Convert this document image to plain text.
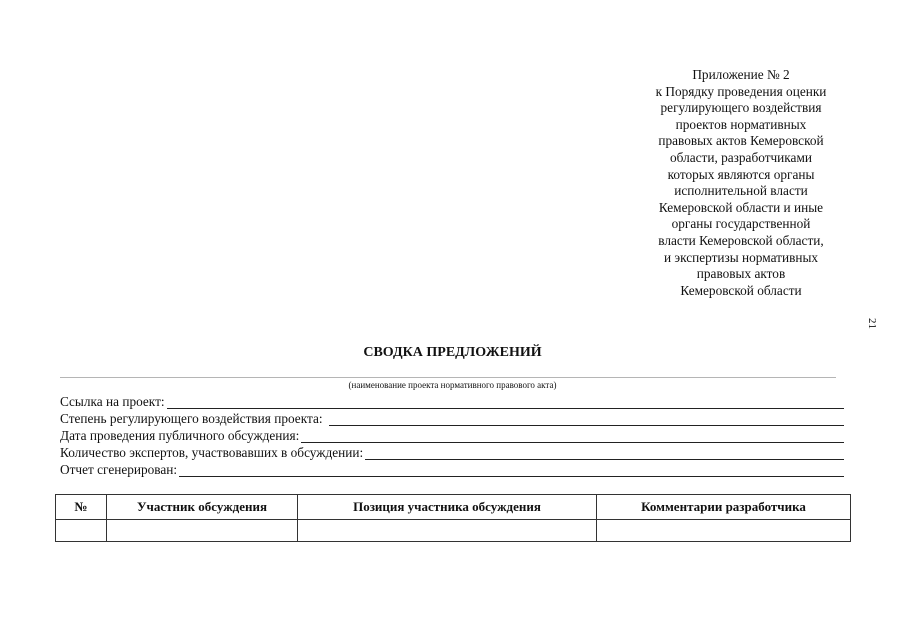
Приложение № 2
к Порядку проведения оценки
регулирующего воздействия
проектов нормативных
правовых актов Кемеровской
области, разработчиками
которых являются органы
исполнительной власти
Кемеровской области и иные
органы государственной
власти Кемеровской области,
и экспертизы нормативных
правовых актов
Кемеровской области
21
СВОДКА ПРЕДЛОЖЕНИЙ
(наименование проекта нормативного правового акта)
Ссылка на проект:
Степень регулирующего воздействия проекта:
Дата проведения публичного обсуждения:
Количество экспертов, участвовавших в обсуждении:
Отчет сгенерирован:
№	Участник обсуждения	Позиция участника обсуждения	Комментарии разработчика
